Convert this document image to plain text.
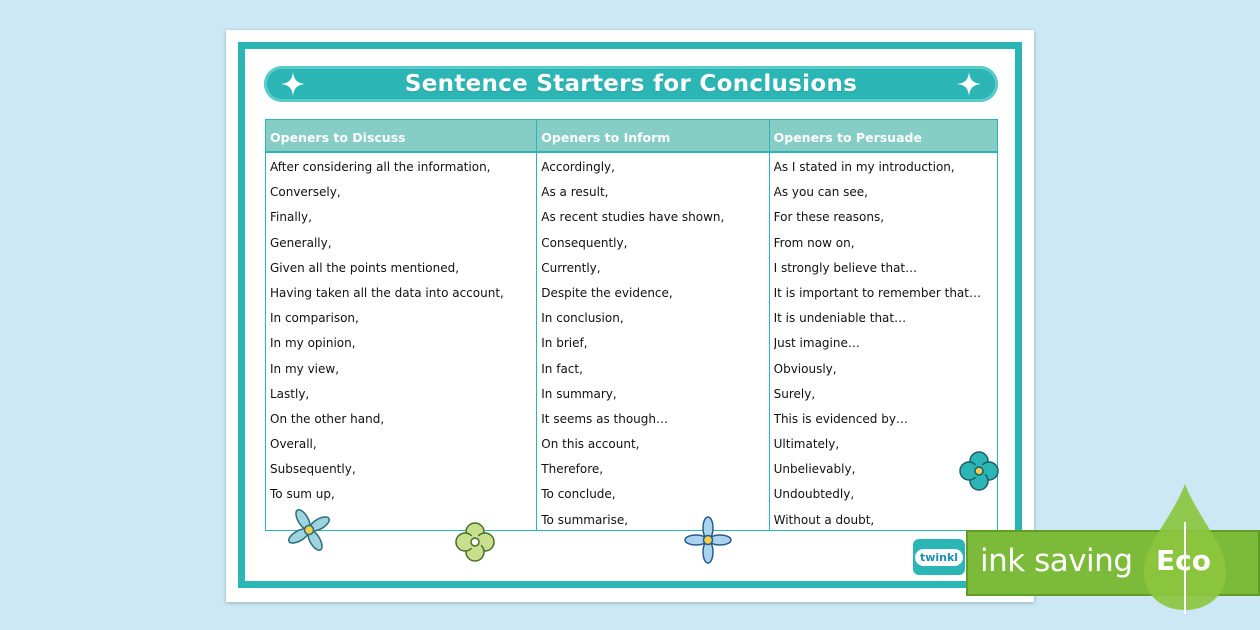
Sentence Starters for Conclusions
Openers to Discuss
After considering all the information,
Conversely,
Finally,
Generally,
Given all the points mentioned,
Having taken all the data into account,
In comparison,
In my opinion,
In my view,
Lastly,
On the other hand,
Overall,
Subsequently,
To sum up,
Openers to Inform
Accordingly,
As a result,
As recent studies have shown,
Consequently,
Currently,
Despite the evidence,
In conclusion,
In brief,
In fact,
In summary,
It seems as though…
On this account,
Therefore,
To conclude,
To summarise,
Openers to Persuade
As I stated in my introduction,
As you can see,
For these reasons,
From now on,
I strongly believe that…
It is important to remember that…
It is undeniable that…
Just imagine…
Obviously,
Surely,
This is evidenced by…
Ultimately,
Unbelievably,
Undoubtedly,
Without a doubt,
twinkl ink saving Eco
